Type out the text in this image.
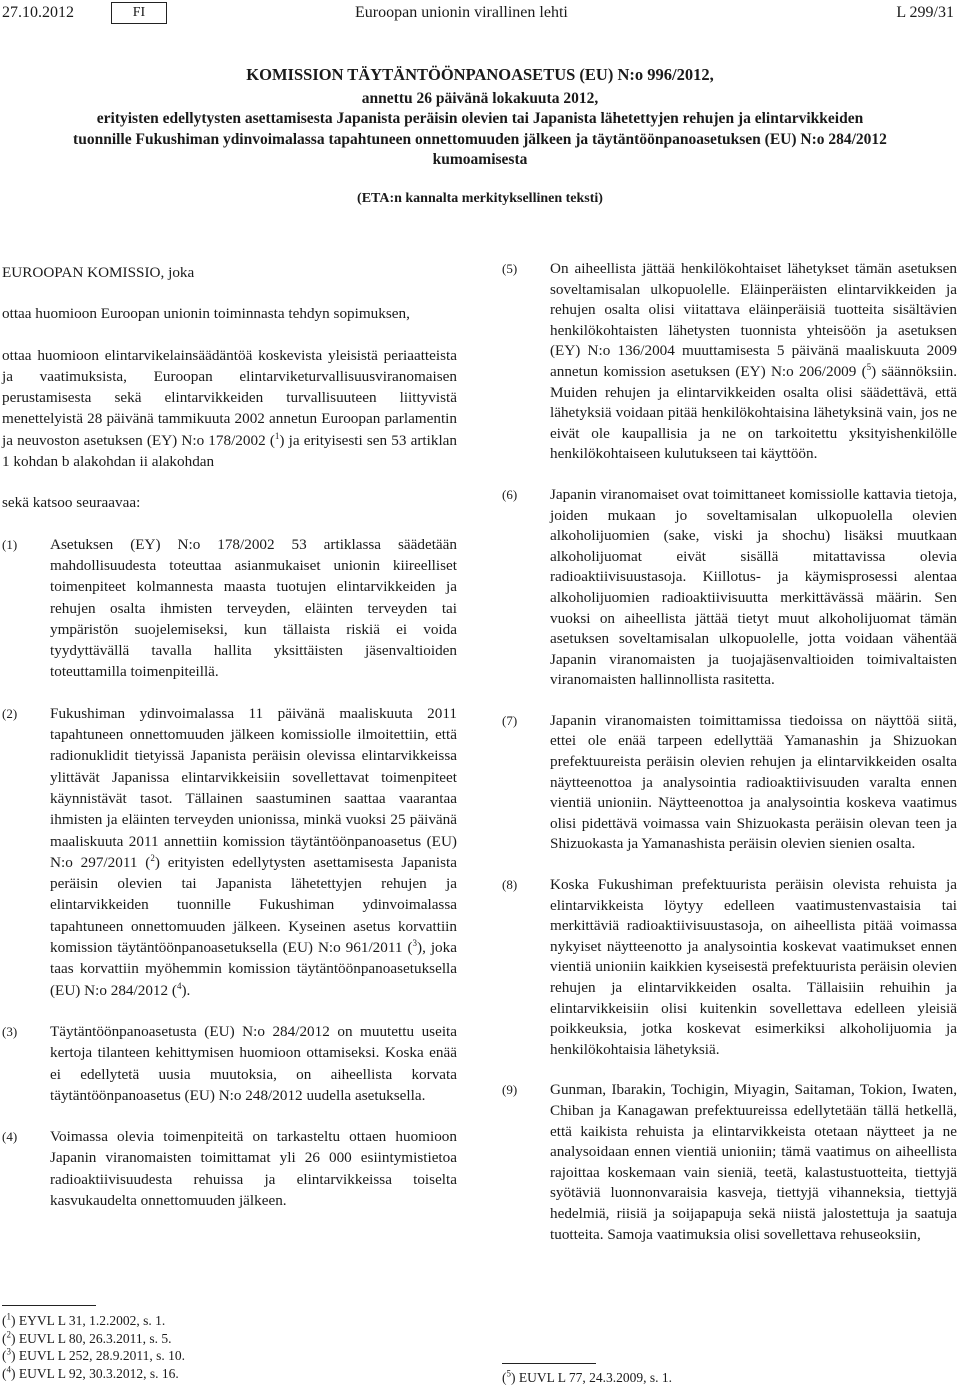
27.10.2012	FI	Euroopan unionin virallinen lehti	L 299/31
KOMISSION TÄYTÄNTÖÖNPANOASETUS (EU) N:o 996/2012,
annettu 26 päivänä lokakuuta 2012,
erityisten edellytysten asettamisesta Japanista peräisin olevien tai Japanista lähetettyjen rehujen ja elintarvikkeiden tuonnille Fukushiman ydinvoimalassa tapahtuneen onnettomuuden jälkeen ja täytäntöönpanoasetuksen (EU) N:o 284/2012 kumoamisesta
(ETA:n kannalta merkityksellinen teksti)

EUROOPAN KOMISSIO, joka

ottaa huomioon Euroopan unionin toiminnasta tehdyn sopimuksen,

ottaa huomioon elintarvikelainsäädäntöä koskevista yleisistä periaatteista ja vaatimuksista, Euroopan elintarviketurvallisuusviranomaisen perustamisesta sekä elintarvikkeiden turvallisuuteen liittyvistä menettelyistä 28 päivänä tammikuuta 2002 annetun Euroopan parlamentin ja neuvoston asetuksen (EY) N:o 178/2002 ($^1$) ja erityisesti sen 53 artiklan 1 kohdan b alakohdan ii alakohdan

sekä katsoo seuraavaa:

(1)	Asetuksen (EY) N:o 178/2002 53 artiklassa säädetään mahdollisuudesta toteuttaa asianmukaiset unionin kiireelliset toimenpiteet kolmannesta maasta tuotujen elintarvikkeiden ja rehujen osalta ihmisten terveyden, eläinten terveyden tai ympäristön suojelemiseksi, kun tällaista riskiä ei voida tyydyttävällä tavalla hallita yksittäisten jäsenvaltioiden toteuttamilla toimenpiteillä.
(2)	Fukushiman ydinvoimalassa 11 päivänä maaliskuuta 2011 tapahtuneen onnettomuuden jälkeen komissiolle ilmoitettiin, että radionuklidit tietyissä Japanista peräisin olevissa elintarvikkeissa ylittävät Japanissa elintarvikkeisiin sovellettavat toimenpiteet käynnistävät tasot. Tällainen saastuminen saattaa vaarantaa ihmisten ja eläinten terveyden unionissa, minkä vuoksi 25 päivänä maaliskuuta 2011 annettiin komission täytäntöönpanoasetus (EU) N:o 297/2011 ($^2$) erityisten edellytysten asettamisesta Japanista peräisin olevien tai Japanista lähetettyjen rehujen ja elintarvikkeiden tuonnille Fukushiman ydinvoimalassa tapahtuneen onnettomuuden jälkeen. Kyseinen asetus korvattiin komission täytäntöönpanoasetuksella (EU) N:o 961/2011 ($^3$), joka taas korvattiin myöhemmin komission täytäntöönpanoasetuksella (EU) N:o 284/2012 ($^4$).
(3)	Täytäntöönpanoasetusta (EU) N:o 284/2012 on muutettu useita kertoja tilanteen kehittymisen huomioon ottamiseksi. Koska enää ei edellytetä uusia muutoksia, on aiheellista korvata täytäntöönpanoasetus (EU) N:o 248/2012 uudella asetuksella.
(4)	Voimassa olevia toimenpiteitä on tarkasteltu ottaen huomioon Japanin viranomaisten toimittamat yli 26 000 esiintymistietoa radioaktiivisuudesta rehuissa ja elintarvikkeissa toiselta kasvukaudelta onnettomuuden jälkeen.
(5)	On aiheellista jättää henkilökohtaiset lähetykset tämän asetuksen soveltamisalan ulkopuolelle. Eläinperäisten elintarvikkeiden ja rehujen osalta olisi viitattava eläinperäisiä tuotteita sisältävien henkilökohtaisten lähetysten tuonnista yhteisöön ja asetuksen (EY) N:o 136/2004 muuttamisesta 5 päivänä maaliskuuta 2009 annetun komission asetuksen (EY) N:o 206/2009 ($^5$) säännöksiin. Muiden rehujen ja elintarvikkeiden osalta olisi säädettävä, että lähetyksiä voidaan pitää henkilökohtaisina lähetyksinä vain, jos ne eivät ole kaupallisia ja ne on tarkoitettu yksityishenkilölle henkilökohtaiseen kulutukseen tai käyttöön.
(6)	Japanin viranomaiset ovat toimittaneet komissiolle kattavia tietoja, joiden mukaan jo soveltamisalan ulkopuolella olevien alkoholijuomien (sake, viski ja shochu) lisäksi muutkaan alkoholijuomat eivät sisällä mitattavissa olevia radioaktiivisuustasoja. Kiillotus- ja käymisprosessi alentaa alkoholijuomien radioaktiivisuutta merkittävässä määrin. Sen vuoksi on aiheellista jättää tietyt muut alkoholijuomat tämän asetuksen soveltamisalan ulkopuolelle, jotta voidaan vähentää Japanin viranomaisten ja tuojajäsenvaltioiden toimivaltaisten viranomaisten hallinnollista rasitetta.
(7)	Japanin viranomaisten toimittamissa tiedoissa on näyttöä siitä, ettei ole enää tarpeen edellyttää Yamanashin ja Shizuokan prefektuureista peräisin olevien rehujen ja elintarvikkeiden osalta näytteenottoa ja analysointia radioaktiivisuuden varalta ennen vientiä unioniin. Näytteenottoa ja analysointia koskeva vaatimus olisi pidettävä voimassa vain Shizuokasta peräisin olevan teen ja Shizuokasta ja Yamanashista peräisin olevien sienien osalta.
(8)	Koska Fukushiman prefektuurista peräisin olevista rehuista ja elintarvikkeista löytyy edelleen vaatimustenvastaisia tai merkittäviä radioaktiivisuustasoja, on aiheellista pitää voimassa nykyiset näytteenotto ja analysointia koskevat vaatimukset ennen vientiä unioniin kaikkien kyseisestä prefektuurista peräisin olevien rehujen ja elintarvikkeiden osalta. Tällaisiin rehuihin ja elintarvikkeisiin olisi kuitenkin sovellettava edelleen yleisiä poikkeuksia, jotka koskevat esimerkiksi alkoholijuomia ja henkilökohtaisia lähetyksiä.
(9)	Gunman, Ibarakin, Tochigin, Miyagin, Saitaman, Tokion, Iwaten, Chiban ja Kanagawan prefektuureissa edellytetään tällä hetkellä, että kaikista rehuista ja elintarvikkeista otetaan näytteet ja ne analysoidaan ennen vientiä unioniin; tämä vaatimus on aiheellista rajoittaa koskemaan vain sieniä, teetä, kalastustuotteita, tiettyjä syötäviä luonnonvaraisia kasveja, tiettyjä vihanneksia, tiettyjä hedelmiä, riisiä ja soijapapuja sekä niistä jalostettuja ja saatuja tuotteita. Samoja vaatimuksia olisi sovellettava rehuseoksiin,
($^1$) EYVL L 31, 1.2.2002, s. 1.
($^2$) EUVL L 80, 26.3.2011, s. 5.
($^3$) EUVL L 252, 28.9.2011, s. 10.
($^4$) EUVL L 92, 30.3.2012, s. 16.	($^5$) EUVL L 77, 24.3.2009, s. 1.
